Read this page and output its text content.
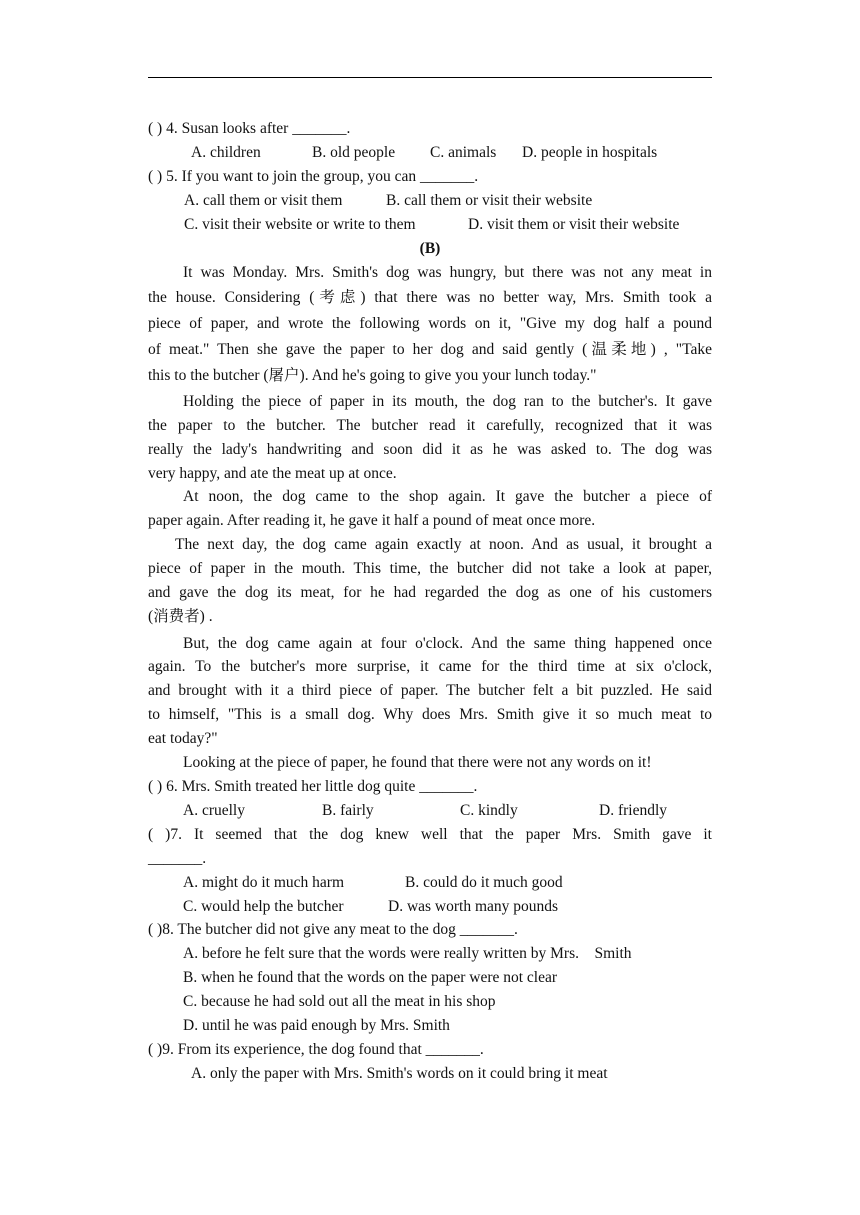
( ) 4. Susan looks after _______.
A. children	B. old people C. animals D. people in hospitals
( ) 5. If you want to join the group, you can _______.
A. call them or visit them	B. call them or visit their website
C. visit their website or write to them	D. visit them or visit their website
(B)
It was Monday. Mrs. Smith's dog was hungry, but there was not any meat in
the house. Considering (考虑) that there was no better way, Mrs. Smith took a
piece of paper, and wrote the following words on it, "Give my dog half a pound
of meat." Then she gave the paper to her dog and said gently (温柔地) , "Take
this to the butcher (屠户). And he's going to give you your lunch today."
Holding the piece of paper in its mouth, the dog ran to the butcher's. It gave
the paper to the butcher. The butcher read it carefully, recognized that it was
really the lady's handwriting and soon did it as he was asked to. The dog was
very happy, and ate the meat up at once.
At noon, the dog came to the shop again. It gave the butcher a piece of
paper again. After reading it, he gave it half a pound of meat once more.
The next day, the dog came again exactly at noon. And as usual, it brought a
piece of paper in the mouth. This time, the butcher did not take a look at paper,
and gave the dog its meat, for he had regarded the dog as one of his customers
(消费者) .
But, the dog came again at four o'clock. And the same thing happened once
again. To the butcher's more surprise, it came for the third time at six o'clock,
and brought with it a third piece of paper. The butcher felt a bit puzzled. He said
to himself, "This is a small dog. Why does Mrs. Smith give it so much meat to
eat today?"
Looking at the piece of paper, he found that there were not any words on it!
( ) 6. Mrs. Smith treated her little dog quite _______.
A. cruelly	B. fairly	C. kindly	D. friendly
( )7. It seemed that the dog knew well that the paper Mrs. Smith gave it
_______.
A. might do it much harm	B. could do it much good
C. would help the butcher	D. was worth many pounds
( )8. The butcher did not give any meat to the dog _______.
A. before he felt sure that the words were really written by Mrs.    Smith
B. when he found that the words on the paper were not clear
C. because he had sold out all the meat in his shop
D. until he was paid enough by Mrs. Smith
( )9. From its experience, the dog found that _______.
A. only the paper with Mrs. Smith's words on it could bring it meat
